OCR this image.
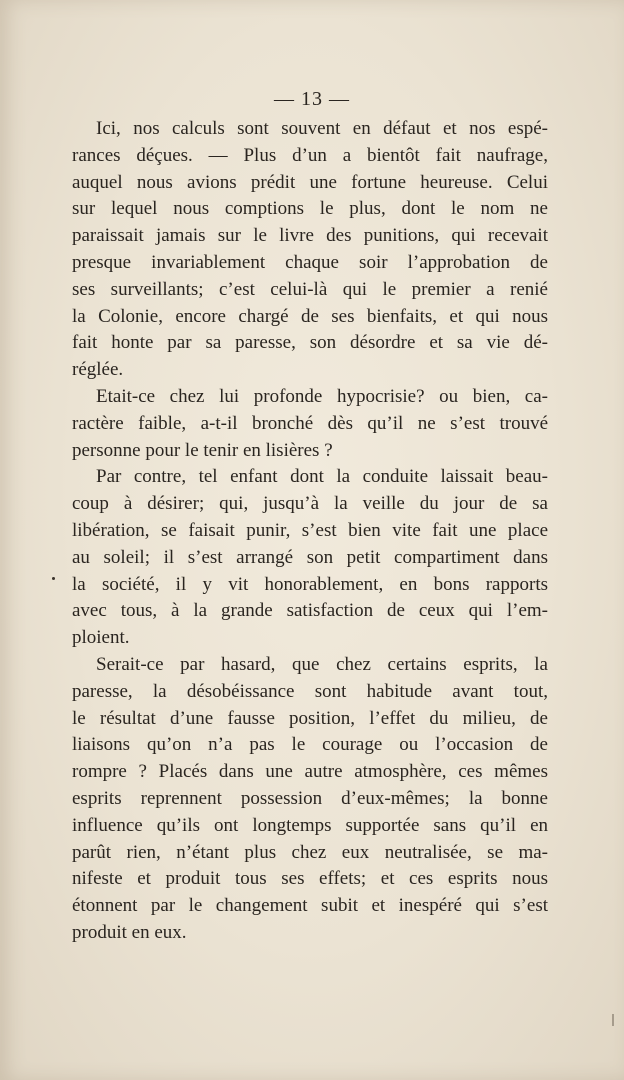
— 13 —
Ici, nos calculs sont souvent en défaut et nos espé-
rances déçues. — Plus d’un a bientôt fait naufrage,
auquel nous avions prédit une fortune heureuse. Celui
sur lequel nous comptions le plus, dont le nom ne
paraissait jamais sur le livre des punitions, qui recevait
presque invariablement chaque soir l’approbation de
ses surveillants; c’est celui-là qui le premier a renié
la Colonie, encore chargé de ses bienfaits, et qui nous
fait honte par sa paresse, son désordre et sa vie dé-
réglée.
Etait-ce chez lui profonde hypocrisie? ou bien, ca-
ractère faible, a-t-il bronché dès qu’il ne s’est trouvé
personne pour le tenir en lisières ?
Par contre, tel enfant dont la conduite laissait beau-
coup à désirer; qui, jusqu’à la veille du jour de sa
libération, se faisait punir, s’est bien vite fait une place
au soleil; il s’est arrangé son petit compartiment dans
la société, il y vit honorablement, en bons rapports
avec tous, à la grande satisfaction de ceux qui l’em-
ploient.
Serait-ce par hasard, que chez certains esprits, la
paresse, la désobéissance sont habitude avant tout,
le résultat d’une fausse position, l’effet du milieu, de
liaisons qu’on n’a pas le courage ou l’occasion de
rompre ? Placés dans une autre atmosphère, ces mêmes
esprits reprennent possession d’eux-mêmes; la bonne
influence qu’ils ont longtemps supportée sans qu’il en
parût rien, n’étant plus chez eux neutralisée, se ma-
nifeste et produit tous ses effets; et ces esprits nous
étonnent par le changement subit et inespéré qui s’est
produit en eux.
